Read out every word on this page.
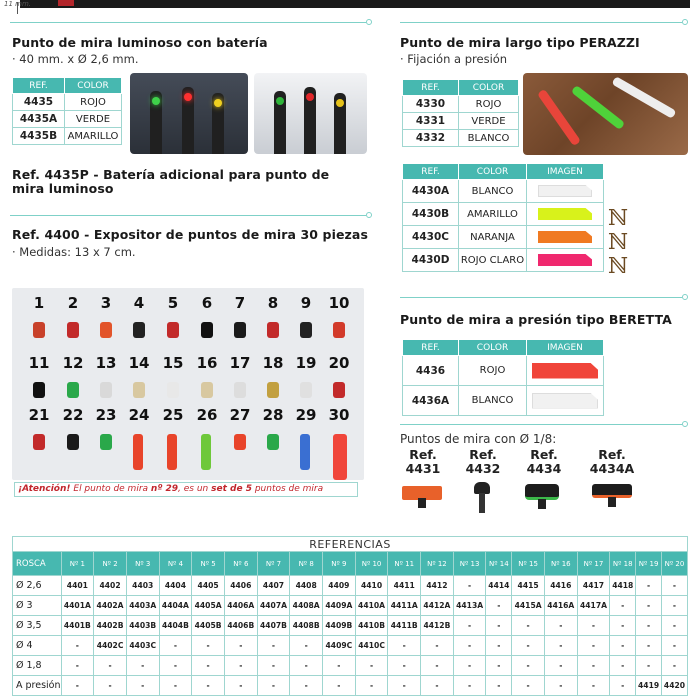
11 mm.
Punto de mira luminoso con batería
· 40 mm. x Ø 2,6 mm.
REF.	COLOR
4435	ROJO
4435A	VERDE
4435B	AMARILLO
Ref. 4435P - Batería adicional para punto de mira luminoso
Ref. 4400 - Expositor de puntos de mira 30 piezas
· Medidas: 13 x 7 cm.
1	2	3	4	5	6	7	8	9	10
11 12 13 14 15 16 17 18 19 20
21 22 23 24 25 26 27 28 29 30
¡Atención! El punto de mira nº 29, es un set de 5 puntos de mira
Punto de mira largo tipo PERAZZI
· Fijación a presión
REF.	COLOR
4330	ROJO
4331	VERDE
4332	BLANCO
REF.	COLOR	IMAGEN
4430A	BLANCO	

4430B	AMARILLO	

4430C	NARANJA	

4430D	ROJO CLARO	
ℕ
ℕ
ℕ
Punto de mira a presión tipo BERETTA
REF.	COLOR	IMAGEN
4436	ROJO	

4436A	BLANCO	
Puntos de mira con Ø 1/8:
Ref.
4431
Ref.
4432
Ref.
4434
Ref.
4434A
REFERENCIAS
ROSCA	Nº 1	Nº 2	Nº 3	Nº 4	Nº 5	Nº 6	Nº 7	Nº 8	Nº 9	Nº 10	Nº 11	Nº 12	Nº 13	Nº 14	Nº 15	Nº 16	Nº 17	Nº 18	Nº 19	Nº 20
Ø 2,6	4401	4402	4403	4404	4405	4406	4407	4408	4409	4410	4411	4412	-	4414	4415	4416	4417	4418	-	-
Ø 3	4401A	4402A	4403A	4404A	4405A	4406A	4407A	4408A	4409A	4410A	4411A	4412A	4413A	-	4415A	4416A	4417A	-	-	-
Ø 3,5	4401B	4402B	4403B	4404B	4405B	4406B	4407B	4408B	4409B	4410B	4411B	4412B	-	-	-	-	-	-	-	-
Ø 4	-	4402C	4403C	-	-	-	-	-	4409C	4410C	-	-	-	-	-	-	-	-	-	-
Ø 1,8	-	-	-	-	-	-	-	-	-	-	-	-	-	-	-	-	-	-	-	-
A presión	-	-	-	-	-	-	-	-	-	-	-	-	-	-	-	-	-	-	4419	4420
